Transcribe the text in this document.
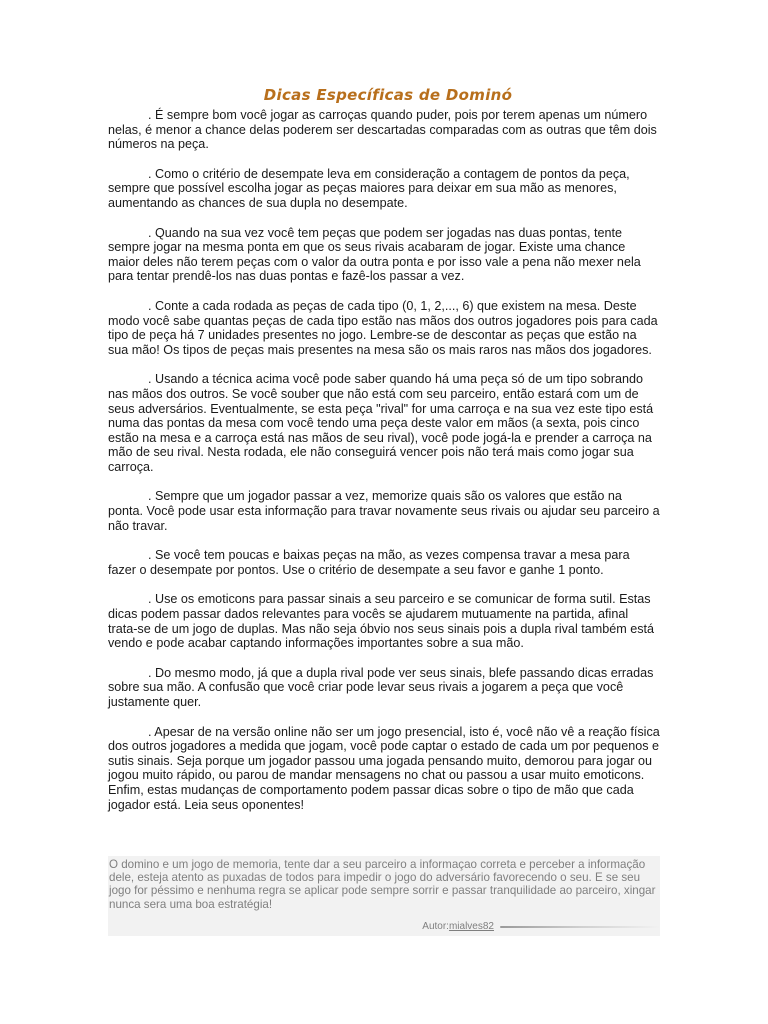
Dicas Específicas de Dominó

. É sempre bom você jogar as carroças quando puder, pois por terem apenas um número nelas, é menor a chance delas poderem ser descartadas comparadas com as outras que têm dois números na peça.

. Como o critério de desempate leva em consideração a contagem de pontos da peça, sempre que possível escolha jogar as peças maiores para deixar em sua mão as menores, aumentando as chances de sua dupla no desempate.

. Quando na sua vez você tem peças que podem ser jogadas nas duas pontas, tente sempre jogar na mesma ponta em que os seus rivais acabaram de jogar. Existe uma chance maior deles não terem peças com o valor da outra ponta e por isso vale a pena não mexer nela para tentar prendê-los nas duas pontas e fazê-los passar a vez.

. Conte a cada rodada as peças de cada tipo (0, 1, 2,..., 6) que existem na mesa. Deste modo você sabe quantas peças de cada tipo estão nas mãos dos outros jogadores pois para cada tipo de peça há 7 unidades presentes no jogo. Lembre-se de descontar as peças que estão na sua mão! Os tipos de peças mais presentes na mesa são os mais raros nas mãos dos jogadores.

. Usando a técnica acima você pode saber quando há uma peça só de um tipo sobrando nas mãos dos outros. Se você souber que não está com seu parceiro, então estará com um de seus adversários. Eventualmente, se esta peça "rival" for uma carroça e na sua vez este tipo está numa das pontas da mesa com você tendo uma peça deste valor em mãos (a sexta, pois cinco estão na mesa e a carroça está nas mãos de seu rival), você pode jogá-la e prender a carroça na mão de seu rival. Nesta rodada, ele não conseguirá vencer pois não terá mais como jogar sua carroça.

. Sempre que um jogador passar a vez, memorize quais são os valores que estão na ponta. Você pode usar esta informação para travar novamente seus rivais ou ajudar seu parceiro a não travar.

. Se você tem poucas e baixas peças na mão, as vezes compensa travar a mesa para fazer o desempate por pontos. Use o critério de desempate a seu favor e ganhe 1 ponto.

. Use os emoticons para passar sinais a seu parceiro e se comunicar de forma sutil. Estas dicas podem passar dados relevantes para vocês se ajudarem mutuamente na partida, afinal trata-se de um jogo de duplas. Mas não seja óbvio nos seus sinais pois a dupla rival também está vendo e pode acabar captando informações importantes sobre a sua mão.

. Do mesmo modo, já que a dupla rival pode ver seus sinais, blefe passando dicas erradas sobre sua mão. A confusão que você criar pode levar seus rivais a jogarem a peça que você justamente quer.

. Apesar de na versão online não ser um jogo presencial, isto é, você não vê a reação física dos outros jogadores a medida que jogam, você pode captar o estado de cada um por pequenos e sutis sinais. Seja porque um jogador passou uma jogada pensando muito, demorou para jogar ou jogou muito rápido, ou parou de mandar mensagens no chat ou passou a usar muito emoticons. Enfim, estas mudanças de comportamento podem passar dicas sobre o tipo de mão que cada jogador está. Leia seus oponentes!

O domino e um jogo de memoria, tente dar a seu parceiro a informaçao correta e perceber a informação dele, esteja atento as puxadas de todos para impedir o jogo do adversário favorecendo o seu. E se seu jogo for péssimo e nenhuma regra se aplicar pode sempre sorrir e passar tranquilidade ao parceiro, xingar nunca sera uma boa estratégia!

Autor: mialves82
